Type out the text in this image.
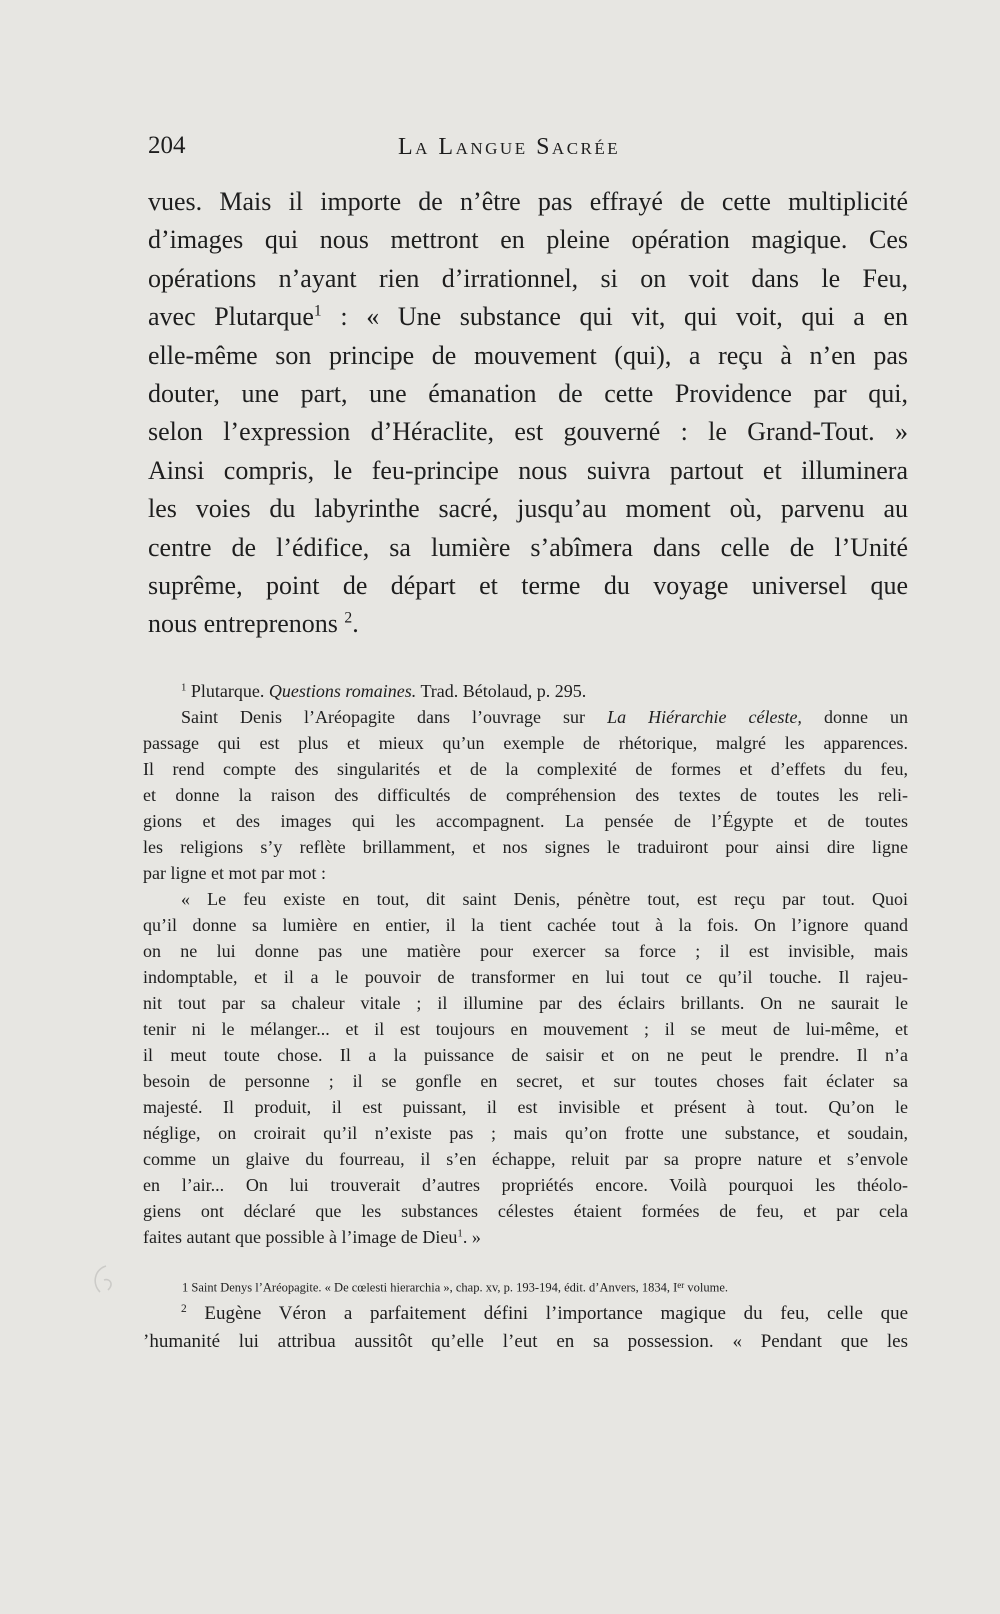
204	La Langue Sacrée
vues. Mais il importe de n’être pas effrayé de cette multiplicité
d’images qui nous mettront en pleine opération magique. Ces
opérations n’ayant rien d’irrationnel, si on voit dans le Feu,
avec Plutarque$^1$ : « Une substance qui vit, qui voit, qui a en
elle-même son principe de mouvement (qui), a reçu à n’en pas
douter, une part, une émanation de cette Providence par qui,
selon l’expression d’Héraclite, est gouverné : le Grand-Tout. »
Ainsi compris, le feu-principe nous suivra partout et illuminera
les voies du labyrinthe sacré, jusqu’au moment où, parvenu au
centre de l’édifice, sa lumière s’abîmera dans celle de l’Unité
suprême, point de départ et terme du voyage universel que
nous entreprenons $^2$.
$^1$ Plutarque. Questions romaines. Trad. Bétolaud, p. 295.
Saint Denis l’Aréopagite dans l’ouvrage sur La Hiérarchie céleste, donne un
passage qui est plus et mieux qu’un exemple de rhétorique, malgré les apparences.
Il rend compte des singularités et de la complexité de formes et d’effets du feu,
et donne la raison des difficultés de compréhension des textes de toutes les reli-
gions et des images qui les accompagnent. La pensée de l’Égypte et de toutes
les religions s’y reflète brillamment, et nos signes le traduiront pour ainsi dire ligne
par ligne et mot par mot :
« Le feu existe en tout, dit saint Denis, pénètre tout, est reçu par tout. Quoi
qu’il donne sa lumière en entier, il la tient cachée tout à la fois. On l’ignore quand
on ne lui donne pas une matière pour exercer sa force ; il est invisible, mais
indomptable, et il a le pouvoir de transformer en lui tout ce qu’il touche. Il rajeu-
nit tout par sa chaleur vitale ; il illumine par des éclairs brillants. On ne saurait le
tenir ni le mélanger... et il est toujours en mouvement ; il se meut de lui-même, et
il meut toute chose. Il a la puissance de saisir et on ne peut le prendre. Il n’a
besoin de personne ; il se gonfle en secret, et sur toutes choses fait éclater sa
majesté. Il produit, il est puissant, il est invisible et présent à tout. Qu’on le
néglige, on croirait qu’il n’existe pas ; mais qu’on frotte une substance, et soudain,
comme un glaive du fourreau, il s’en échappe, reluit par sa propre nature et s’envole
en l’air... On lui trouverait d’autres propriétés encore. Voilà pourquoi les théolo-
giens ont déclaré que les substances célestes étaient formées de feu, et par cela
faites autant que possible à l’image de Dieu$^1$. »
1 Saint Denys l’Aréopagite. « De cœlesti hierarchia », chap. xv, p. 193-194, édit. d’Anvers, 1834, Ier volume.
$^2$ Eugène Véron a parfaitement défini l’importance magique du feu, celle que
’humanité lui attribua aussitôt qu’elle l’eut en sa possession. « Pendant que les
